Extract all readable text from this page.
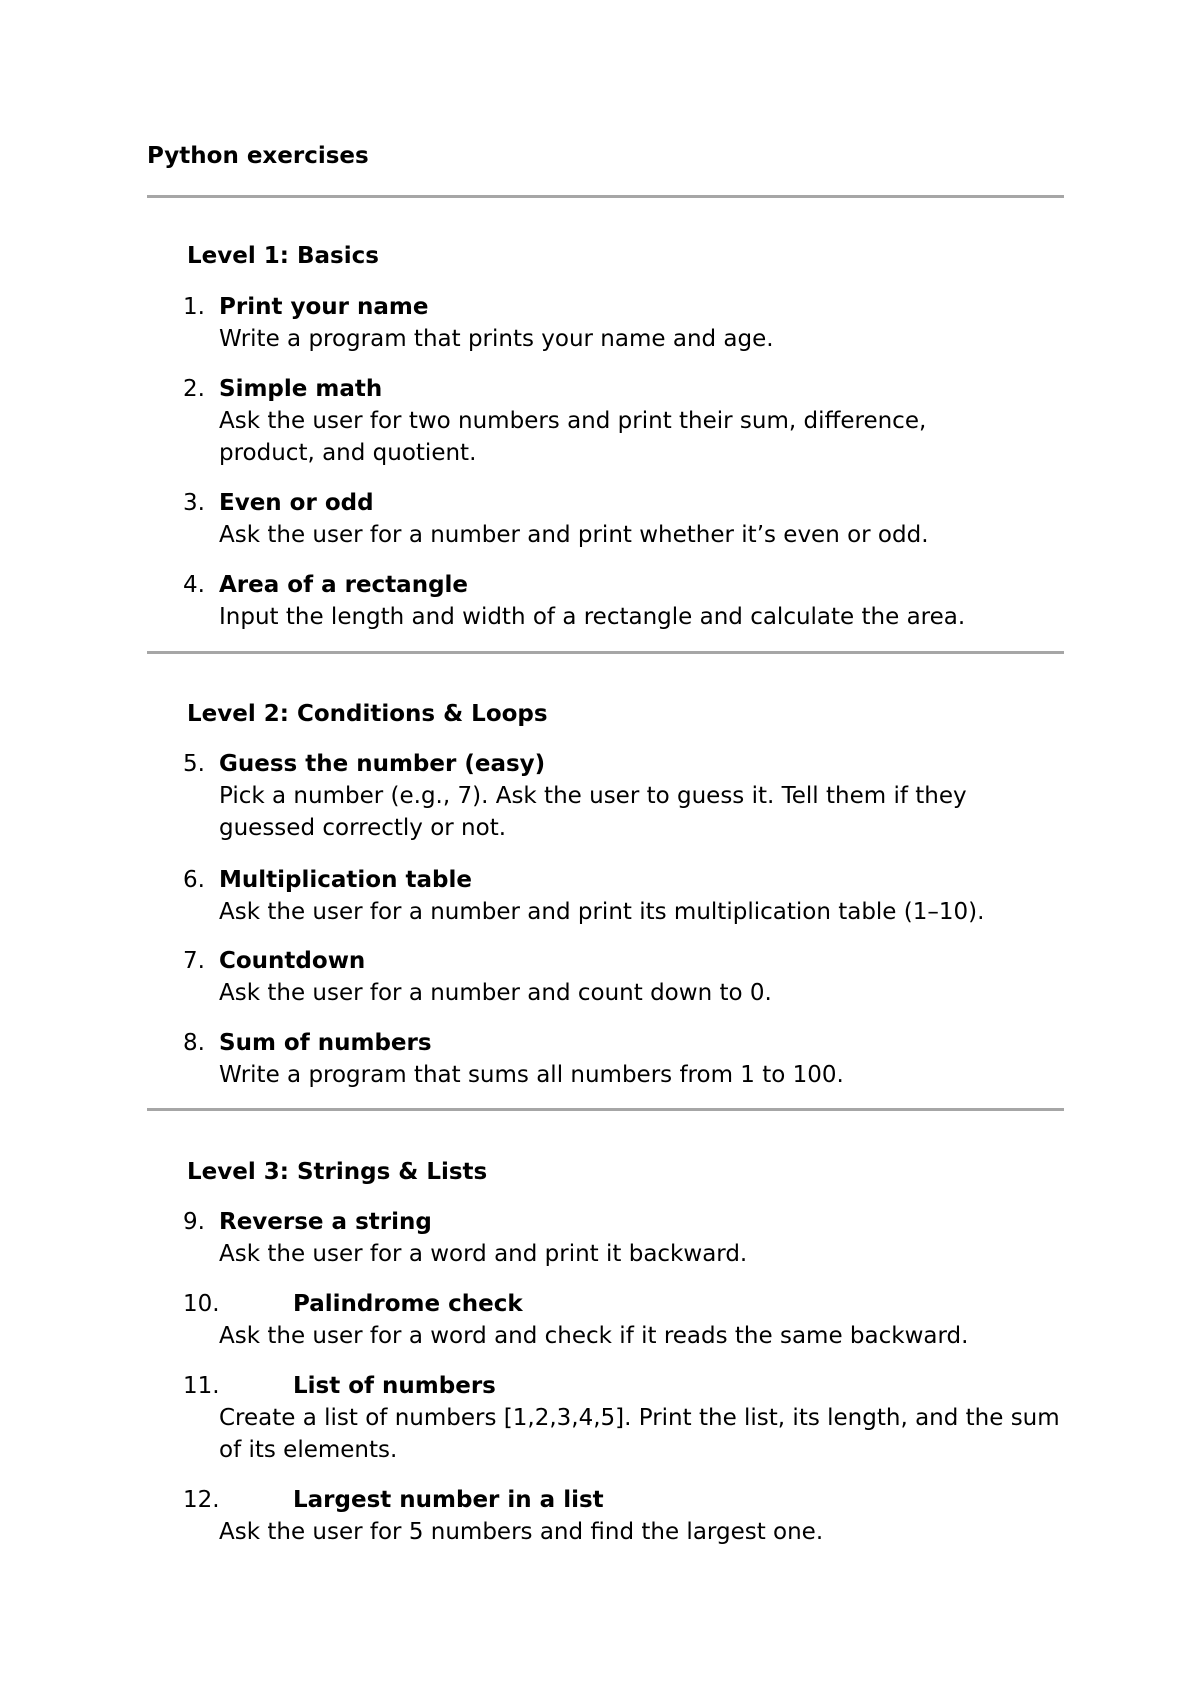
Python exercises
Level 1: Basics
1. Print your name
Write a program that prints your name and age.
2. Simple math
Ask the user for two numbers and print their sum, difference, product, and quotient.
3. Even or odd
Ask the user for a number and print whether it’s even or odd.
4. Area of a rectangle
Input the length and width of a rectangle and calculate the area.
Level 2: Conditions & Loops
5. Guess the number (easy)
Pick a number (e.g., 7). Ask the user to guess it. Tell them if they guessed correctly or not.
6. Multiplication table
Ask the user for a number and print its multiplication table (1–10).
7. Countdown
Ask the user for a number and count down to 0.
8. Sum of numbers
Write a program that sums all numbers from 1 to 100.
Level 3: Strings & Lists
9. Reverse a string
Ask the user for a word and print it backward.
10.	Palindrome check
Ask the user for a word and check if it reads the same backward.
11.	List of numbers
Create a list of numbers [1,2,3,4,5]. Print the list, its length, and the sum of its elements.
12.	Largest number in a list
Ask the user for 5 numbers and find the largest one.
